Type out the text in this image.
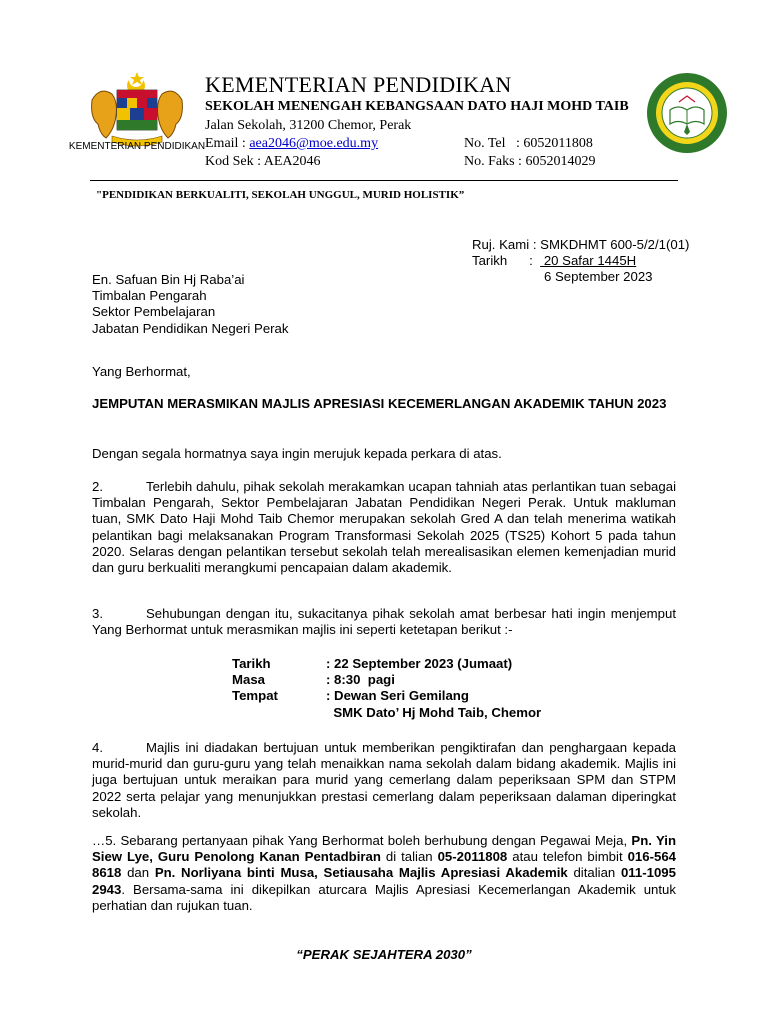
KEMENTERIAN PENDIDIKAN
KEMENTERIAN PENDIDIKAN
SEKOLAH MENENGAH KEBANGSAAN DATO HAJI MOHD TAIB
Jalan Sekolah, 31200 Chemor, Perak
Email : aea2046@moe.edu.my	No. Tel   : 6052011808
Kod Sek : AEA2046	No. Faks : 6052014029
"PENDIDIKAN BERKUALITI, SEKOLAH UNGGUL, MURID HOLISTIK”
Ruj. Kami : SMKDHMT 600-5/2/1(01)
Tarikh      :   20 Safar 1445H
6 September 2023
En. Safuan Bin Hj Raba’ai
Timbalan Pengarah
Sektor Pembelajaran
Jabatan Pendidikan Negeri Perak
Yang Berhormat,
JEMPUTAN MERASMIKAN MAJLIS APRESIASI KECEMERLANGAN AKADEMIK TAHUN 2023
Dengan segala hormatnya saya ingin merujuk kepada perkara di atas.
2.	Terlebih dahulu, pihak sekolah merakamkan ucapan tahniah atas perlantikan tuan sebagai Timbalan Pengarah, Sektor Pembelajaran Jabatan Pendidikan Negeri Perak. Untuk makluman tuan, SMK Dato Haji Mohd Taib Chemor merupakan sekolah Gred A dan telah menerima watikah pelantikan bagi melaksanakan Program Transformasi Sekolah 2025 (TS25) Kohort 5 pada tahun 2020. Selaras dengan pelantikan tersebut sekolah telah merealisasikan elemen kemenjadian murid dan guru berkualiti merangkumi pencapaian dalam akademik.
3.	Sehubungan dengan itu, sukacitanya pihak sekolah amat berbesar hati ingin menjemput Yang Berhormat untuk merasmikan majlis ini seperti ketetapan berikut :-
Tarikh	: 22 September 2023 (Jumaat)
Masa	: 8:30  pagi
Tempat	: Dewan Seri Gemilang
SMK Dato’ Hj Mohd Taib, Chemor
4.	Majlis ini diadakan bertujuan untuk memberikan pengiktirafan dan penghargaan kepada murid-murid dan guru-guru yang telah menaikkan nama sekolah dalam bidang akademik. Majlis ini juga bertujuan untuk meraikan para murid yang cemerlang dalam peperiksaan SPM dan STPM 2022 serta pelajar yang menunjukkan prestasi cemerlang dalam peperiksaan dalaman diperingkat sekolah.
…5. Sebarang pertanyaan pihak Yang Berhormat boleh berhubung dengan Pegawai Meja, Pn. Yin Siew Lye, Guru Penolong Kanan Pentadbiran di talian 05-2011808 atau telefon bimbit 016-564 8618 dan Pn. Norliyana binti Musa, Setiausaha Majlis Apresiasi Akademik ditalian 011-1095 2943. Bersama-sama ini dikepilkan aturcara Majlis Apresiasi Kecemerlangan Akademik untuk perhatian dan rujukan tuan.
“PERAK SEJAHTERA 2030”
